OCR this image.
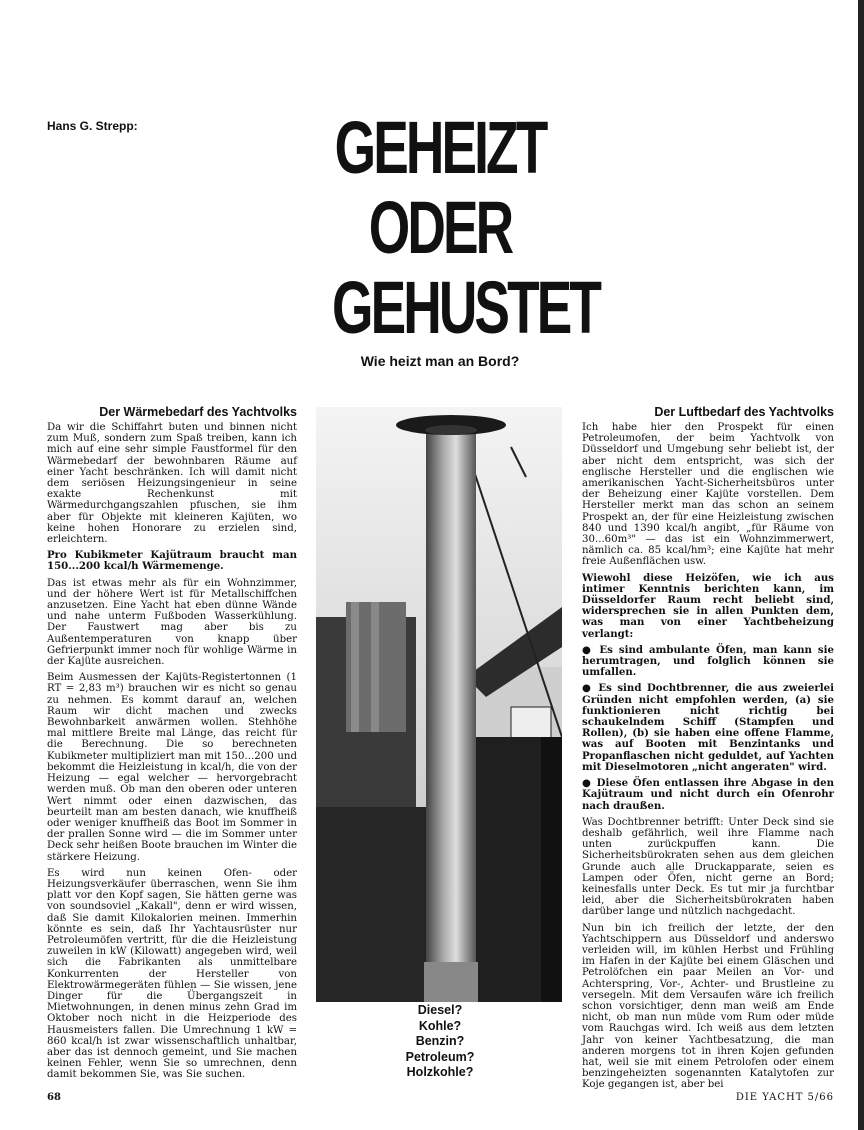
Hans G. Strepp:	GEHEIZT
ODER
GEHUSTET
Wie heizt man an Bord?
Der Wärmebedarf des Yachtvolks

Da wir die Schiffahrt buten und binnen nicht zum Muß, sondern zum Spaß treiben, kann ich mich auf eine sehr simple Faustformel für den Wärmebedarf der bewohnbaren Räume auf einer Yacht beschränken. Ich will damit nicht dem seriösen Heizungsingenieur in seine exakte Rechenkunst mit Wärmedurchgangszahlen pfuschen, sie ihm aber für Objekte mit kleineren Kajüten, wo keine hohen Honorare zu erzielen sind, erleichtern.

Pro Kubikmeter Kajütraum braucht man 150...200 kcal/h Wärmemenge.

Das ist etwas mehr als für ein Wohnzimmer, und der höhere Wert ist für Metallschiffchen anzusetzen. Eine Yacht hat eben dünne Wände und nahe unterm Fußboden Wasserkühlung. Der Faustwert mag aber bis zu Außentemperaturen von knapp über Gefrierpunkt immer noch für wohlige Wärme in der Kajüte ausreichen.

Beim Ausmessen der Kajüts-Registertonnen (1 RT = 2,83 m³) brauchen wir es nicht so genau zu nehmen. Es kommt darauf an, welchen Raum wir dicht machen und zwecks Bewohnbarkeit anwärmen wollen. Stehhöhe mal mittlere Breite mal Länge, das reicht für die Berechnung. Die so berechneten Kubikmeter multipliziert man mit 150...200 und bekommt die Heizleistung in kcal/h, die von der Heizung — egal welcher — hervorgebracht werden muß. Ob man den oberen oder unteren Wert nimmt oder einen dazwischen, das beurteilt man am besten danach, wie knuffheiß oder weniger knuffheiß das Boot im Sommer in der prallen Sonne wird — die im Sommer unter Deck sehr heißen Boote brauchen im Winter die stärkere Heizung.

Es wird nun keinen Ofen- oder Heizungsverkäufer überraschen, wenn Sie ihm platt vor den Kopf sagen, Sie hätten gerne was von soundsoviel „Kakall", denn er wird wissen, daß Sie damit Kilokalorien meinen. Immerhin könnte es sein, daß Ihr Yachtausrüster nur Petroleumöfen vertritt, für die die Heizleistung zuweilen in kW (Kilowatt) angegeben wird, weil sich die Fabrikanten als unmittelbare Konkurrenten der Hersteller von Elektrowärmegeräten fühlen — Sie wissen, jene Dinger für die Übergangszeit in Mietwohnungen, in denen minus zehn Grad im Oktober noch nicht in die Heizperiode des Hausmeisters fallen. Die Umrechnung 1 kW = 860 kcal/h ist zwar wissenschaftlich unhaltbar, aber das ist dennoch gemeint, und Sie machen keinen Fehler, wenn Sie so umrechnen, denn damit bekommen Sie, was Sie suchen.

Der Luftbedarf des Yachtvolks

Ich habe hier den Prospekt für einen Petroleumofen, der beim Yachtvolk von Düsseldorf und Umgebung sehr beliebt ist, der aber nicht dem entspricht, was sich der englische Hersteller und die englischen wie amerikanischen Yacht-Sicherheitsbüros unter der Beheizung einer Kajüte vorstellen. Dem Hersteller merkt man das schon an seinem Prospekt an, der für eine Heizleistung zwischen 840 und 1390 kcal/h angibt, „für Räume von 30...60m³" — das ist ein Wohnzimmerwert, nämlich ca. 85 kcal/hm³; eine Kajüte hat mehr freie Außenflächen usw.

Wiewohl diese Heizöfen, wie ich aus intimer Kenntnis berichten kann, im Düsseldorfer Raum recht beliebt sind, widersprechen sie in allen Punkten dem, was man von einer Yachtbeheizung verlangt:

● Es sind ambulante Öfen, man kann sie herumtragen, und folglich können sie umfallen.

● Es sind Dochtbrenner, die aus zweierlei Gründen nicht empfohlen werden, (a) sie funktionieren nicht richtig bei schaukelndem Schiff (Stampfen und Rollen), (b) sie haben eine offene Flamme, was auf Booten mit Benzintanks und Propanflaschen nicht geduldet, auf Yachten mit Dieselmotoren „nicht angeraten" wird.

● Diese Öfen entlassen ihre Abgase in den Kajütraum und nicht durch ein Ofenrohr nach draußen.

Was Dochtbrenner betrifft: Unter Deck sind sie deshalb gefährlich, weil ihre Flamme nach unten zurückpuffen kann. Die Sicherheitsbürokraten sehen aus dem gleichen Grunde auch alle Druckapparate, seien es Lampen oder Öfen, nicht gerne an Bord; keinesfalls unter Deck. Es tut mir ja furchtbar leid, aber die Sicherheitsbürokraten haben darüber lange und nützlich nachgedacht.

Nun bin ich freilich der letzte, der den Yachtschippern aus Düsseldorf und anderswo verleiden will, im kühlen Herbst und Frühling im Hafen in der Kajüte bei einem Gläschen und Petrolöfchen ein paar Meilen an Vor- und Achterspring, Vor-, Achter- und Brustleine zu versegeln. Mit dem Versaufen wäre ich freilich schon vorsichtiger, denn man weiß am Ende nicht, ob man nun müde vom Rum oder müde vom Rauchgas wird. Ich weiß aus dem letzten Jahr von keiner Yachtbesatzung, die man anderen morgens tot in ihren Kojen gefunden hat, weil sie mit einem Petrolofen oder einem benzingeheizten sogenannten Katalytofen zur Koje gegangen ist, aber bei

Diesel?
Kohle?
Benzin?
Petroleum?
Holzkohle?
68	DIE YACHT 5/66
